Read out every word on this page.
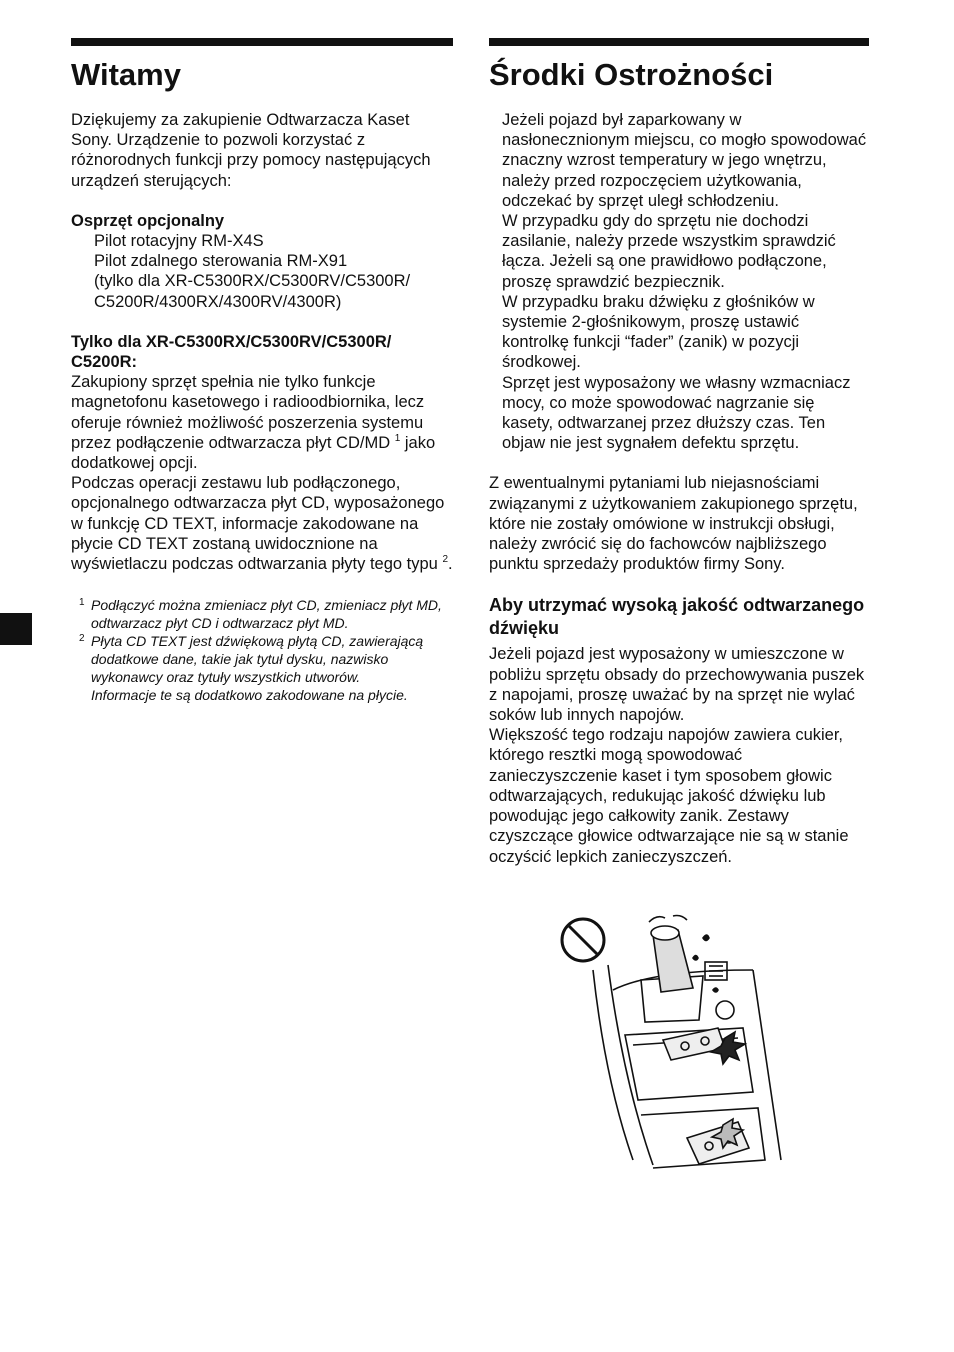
Witamy

Dziękujemy za zakupienie Odtwarzacza Kaset Sony. Urządzenie to pozwoli korzystać z różnorodnych funkcji przy pomocy następujących urządzeń sterujących:

Osprzęt opcjonalny

Pilot rotacyjny RM-X4S
Pilot zdalnego sterowania RM-X91
(tylko dla XR-C5300RX/C5300RV/C5300R/
C5200R/4300RX/4300RV/4300R)
Tylko dla XR-C5300RX/C5300RV/C5300R/
C5200R:

Zakupiony sprzęt spełnia nie tylko funkcje magnetofonu kasetowego i radioodbiornika, lecz oferuje również możliwość poszerzenia systemu przez podłączenie odtwarzacza płyt CD/MD $^1$ jako dodatkowej opcji.

Podczas operacji zestawu lub podłączonego, opcjonalnego odtwarzacza płyt CD, wyposażonego w funkcję CD TEXT, informacje zakodowane na płycie CD TEXT zostaną uwidocznione na wyświetlaczu podczas odtwarzania płyty tego typu $^2$.

1 Podłączyć można zmieniacz płyt CD, zmieniacz płyt MD, odtwarzacz płyt CD i odtwarzacz płyt MD.
2 Płyta CD TEXT jest dźwiękową płytą CD, zawierającą dodatkowe dane, takie jak tytuł dysku, nazwisko wykonawcy oraz tytuły wszystkich utworów.
Informacje te są dodatkowo zakodowane na płycie.
Środki Ostrożności

Jeżeli pojazd był zaparkowany w nasłonecznionym miejscu, co mogło spowodować znaczny wzrost temperatury w jego wnętrzu, należy przed rozpoczęciem użytkowania, odczekać by sprzęt uległ schłodzeniu.

W przypadku gdy do sprzętu nie dochodzi zasilanie, należy przede wszystkim sprawdzić łącza. Jeżeli są one prawidłowo podłączone, proszę sprawdzić bezpiecznik.

W przypadku braku dźwięku z głośników w systemie 2-głośnikowym, proszę ustawić kontrolkę funkcji “fader” (zanik) w pozycji środkowej.

Sprzęt jest wyposażony we własny wzmacniacz mocy, co może spowodować nagrzanie się kasety, odtwarzanej przez dłuższy czas. Ten objaw nie jest sygnałem defektu sprzętu.

Z ewentualnymi pytaniami lub niejasnościami związanymi z użytkowaniem zakupionego sprzętu, które nie zostały omówione w instrukcji obsługi, należy zwrócić się do fachowców najbliższego punktu sprzedaży produktów firmy Sony.

Aby utrzymać wysoką jakość odtwarzanego dźwięku

Jeżeli pojazd jest wyposażony w umieszczone w pobliżu sprzętu obsady do przechowywania puszek z napojami, proszę uważać by na sprzęt nie wylać soków lub innych napojów.

Większość tego rodzaju napojów zawiera cukier, którego resztki mogą spowodować zanieczyszczenie kaset i tym sposobem głowic odtwarzających, redukując jakość dźwięku lub powodując jego całkowity zanik. Zestawy czyszczące głowice odtwarzające nie są w stanie oczyścić lepkich zanieczyszczeń.
